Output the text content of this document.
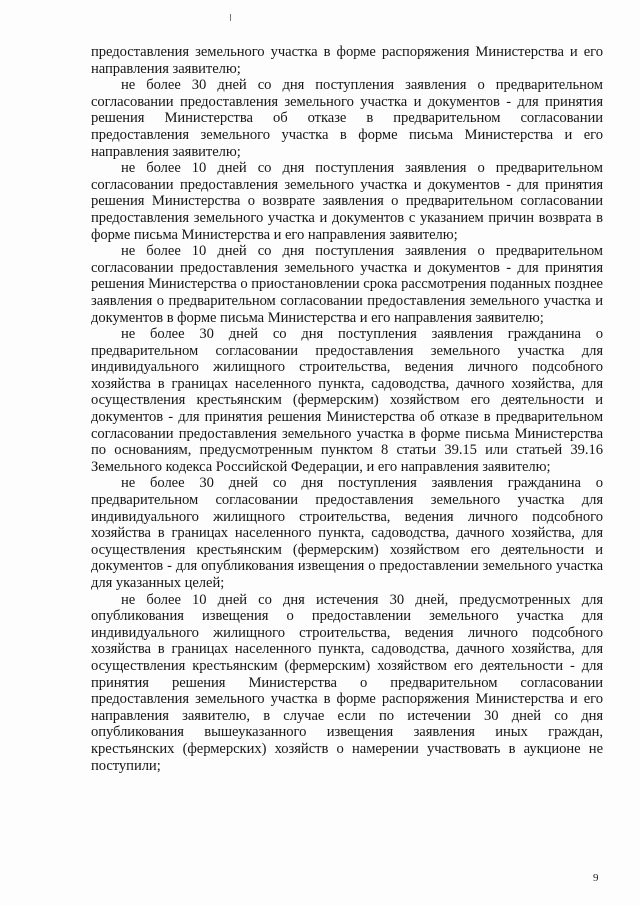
предоставления земельного участка в форме распоряжения Министерства и его направления заявителю;

не более 30 дней со дня поступления заявления о предварительном согласовании предоставления земельного участка и документов - для принятия решения Министерства об отказе в предварительном согласовании предоставления земельного участка в форме письма Министерства и его направления заявителю;

не более 10 дней со дня поступления заявления о предварительном согласовании предоставления земельного участка и документов - для принятия решения Министерства о возврате заявления о предварительном согласовании предоставления земельного участка и документов с указанием причин возврата в форме письма Министерства и его направления заявителю;

не более 10 дней со дня поступления заявления о предварительном согласовании предоставления земельного участка и документов - для принятия решения Министерства о приостановлении срока рассмотрения поданных позднее заявления о предварительном согласовании предоставления земельного участка и документов в форме письма Министерства и его направления заявителю;

не более 30 дней со дня поступления заявления гражданина о предварительном согласовании предоставления земельного участка для индивидуального жилищного строительства, ведения личного подсобного хозяйства в границах населенного пункта, садоводства, дачного хозяйства, для осуществления крестьянским (фермерским) хозяйством его деятельности и документов - для принятия решения Министерства об отказе в предварительном согласовании предоставления земельного участка в форме письма Министерства по основаниям, предусмотренным пунктом 8 статьи 39.15 или статьей 39.16 Земельного кодекса Российской Федерации, и его направления заявителю;

не более 30 дней со дня поступления заявления гражданина о предварительном согласовании предоставления земельного участка для индивидуального жилищного строительства, ведения личного подсобного хозяйства в границах населенного пункта, садоводства, дачного хозяйства, для осуществления крестьянским (фермерским) хозяйством его деятельности и документов - для опубликования извещения о предоставлении земельного участка для указанных целей;

не более 10 дней со дня истечения 30 дней, предусмотренных для опубликования извещения о предоставлении земельного участка для индивидуального жилищного строительства, ведения личного подсобного хозяйства в границах населенного пункта, садоводства, дачного хозяйства, для осуществления крестьянским (фермерским) хозяйством его деятельности - для принятия решения Министерства о предварительном согласовании предоставления земельного участка в форме распоряжения Министерства и его направления заявителю, в случае если по истечении 30 дней со дня опубликования вышеуказанного извещения заявления иных граждан, крестьянских (фермерских) хозяйств о намерении участвовать в аукционе не поступили;

9
